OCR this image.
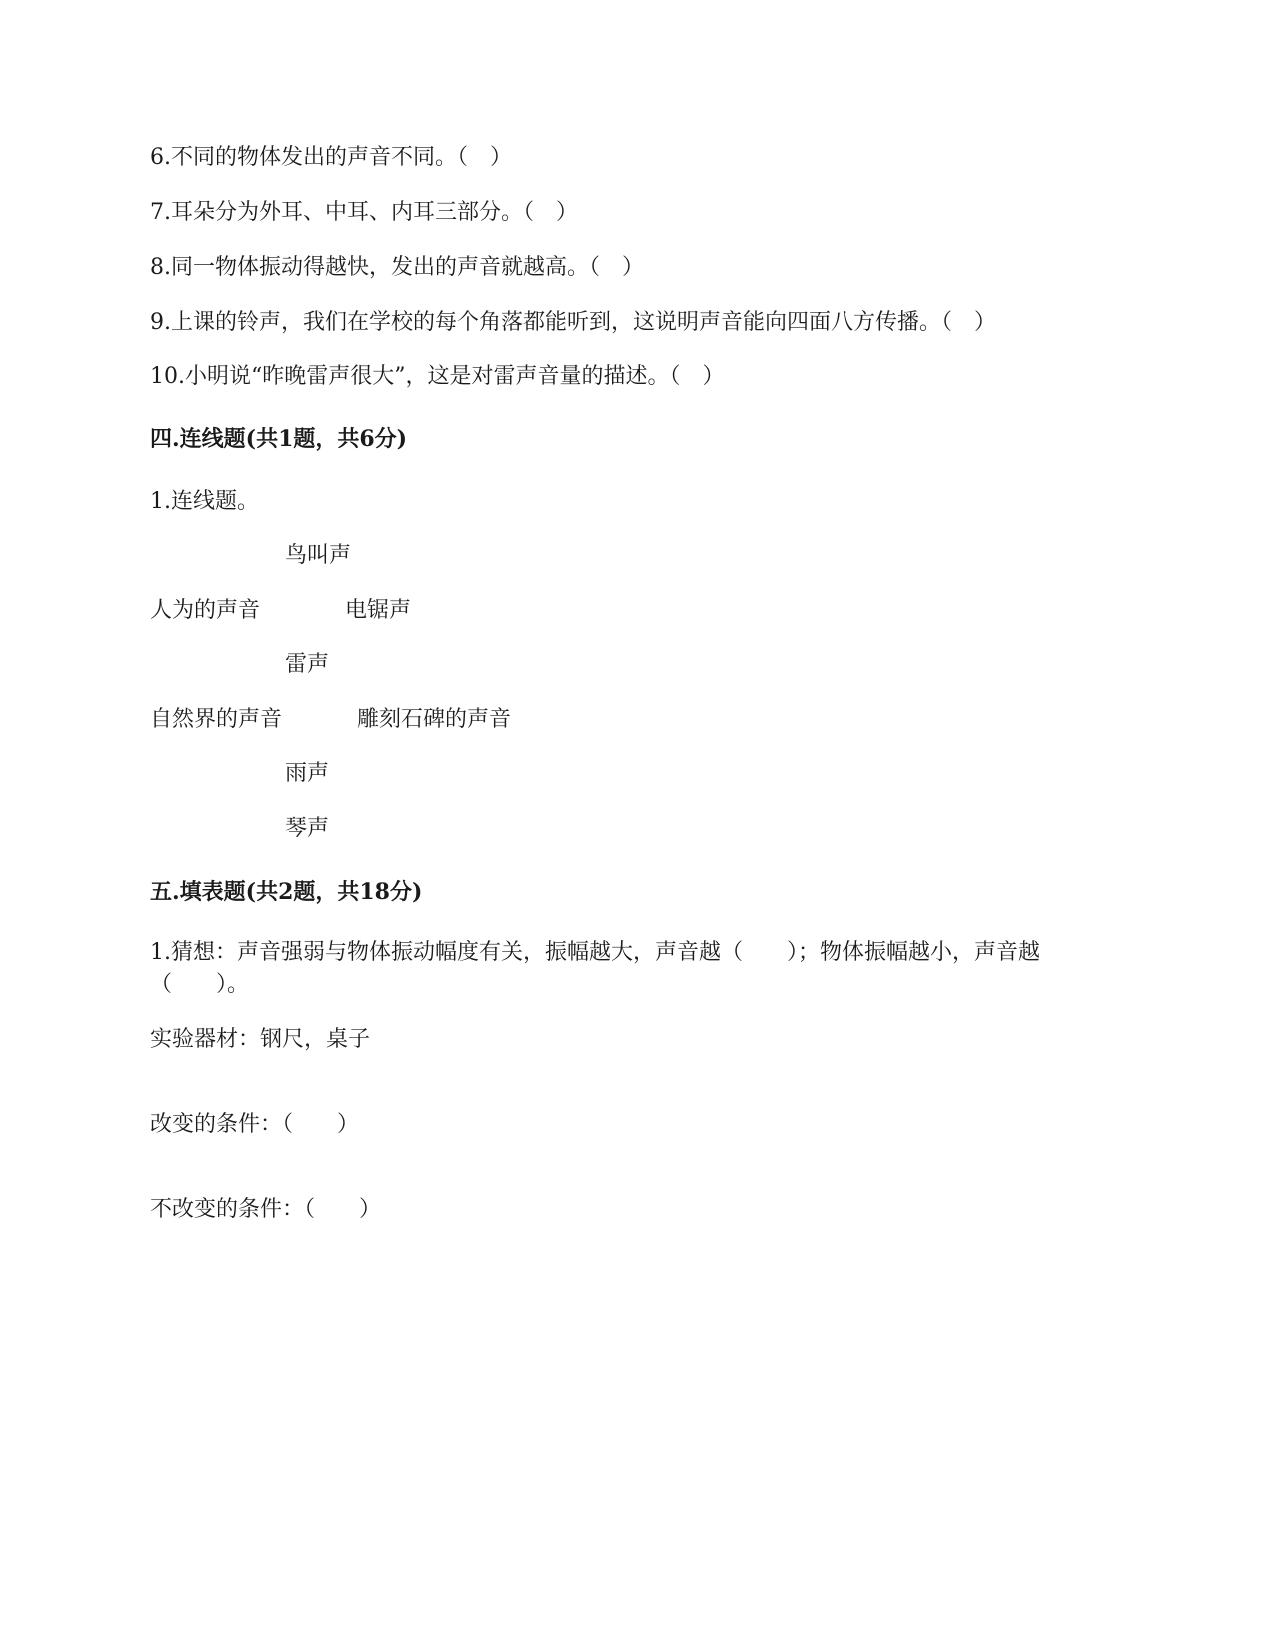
6.不同的物体发出的声音不同。（　）
7.耳朵分为外耳、中耳、内耳三部分。（　）
8.同一物体振动得越快，发出的声音就越高。（　）
9.上课的铃声，我们在学校的每个角落都能听到，这说明声音能向四面八方传播。（　）
10.小明说“昨晚雷声很大”，这是对雷声音量的描述。（　）
四.连线题(共1题，共6分)
1.连线题。
鸟叫声
人为的声音	电锯声
雷声
自然界的声音	雕刻石碑的声音
雨声
琴声
五.填表题(共2题，共18分)
1.猜想：声音强弱与物体振动幅度有关，振幅越大，声音越（　　）；物体振幅越小，声音越（　　）。
实验器材：钢尺，桌子
改变的条件：（　　）
不改变的条件：（　　）
